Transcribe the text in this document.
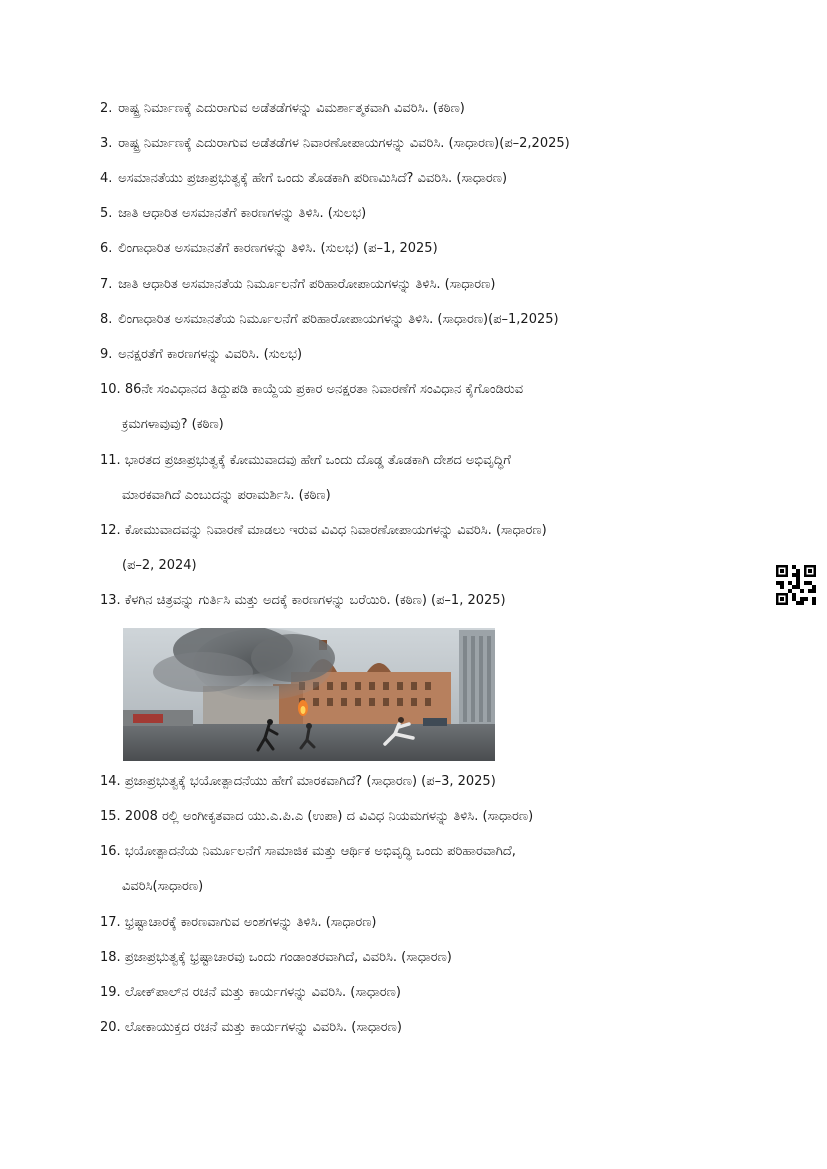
2. ರಾಷ್ಟ್ರ ನಿರ್ಮಾಣಕ್ಕೆ ಎದುರಾಗುವ ಅಡೆತಡೆಗಳನ್ನು ವಿಮರ್ಶಾತ್ಮಕವಾಗಿ ವಿವರಿಸಿ. (ಕಠಿಣ)
3. ರಾಷ್ಟ್ರ ನಿರ್ಮಾಣಕ್ಕೆ ಎದುರಾಗುವ ಅಡೆತಡೆಗಳ ನಿವಾರಣೋಪಾಯಗಳನ್ನು ವಿವರಿಸಿ. (ಸಾಧಾರಣ)(ಪ–2,2025)
4. ಅಸಮಾನತೆಯು ಪ್ರಜಾಪ್ರಭುತ್ವಕ್ಕೆ ಹೇಗೆ ಒಂದು ತೊಡಕಾಗಿ ಪರಿಣಮಿಸಿದೆ? ವಿವರಿಸಿ. (ಸಾಧಾರಣ)
5. ಜಾತಿ ಆಧಾರಿತ ಅಸಮಾನತೆಗೆ ಕಾರಣಗಳನ್ನು ತಿಳಿಸಿ. (ಸುಲಭ)
6. ಲಿಂಗಾಧಾರಿತ ಅಸಮಾನತೆಗೆ ಕಾರಣಗಳನ್ನು ತಿಳಿಸಿ. (ಸುಲಭ) (ಪ–1, 2025)
7. ಜಾತಿ ಆಧಾರಿತ ಅಸಮಾನತೆಯ ನಿರ್ಮೂಲನೆಗೆ ಪರಿಹಾರೋಪಾಯಗಳನ್ನು ತಿಳಿಸಿ. (ಸಾಧಾರಣ)
8. ಲಿಂಗಾಧಾರಿತ ಅಸಮಾನತೆಯ ನಿರ್ಮೂಲನೆಗೆ ಪರಿಹಾರೋಪಾಯಗಳನ್ನು ತಿಳಿಸಿ. (ಸಾಧಾರಣ)(ಪ–1,2025)
9. ಅನಕ್ಷರತೆಗೆ ಕಾರಣಗಳನ್ನು ವಿವರಿಸಿ. (ಸುಲಭ)
10. 86ನೇ ಸಂವಿಧಾನದ ತಿದ್ದುಪಡಿ ಕಾಯ್ದೆಯ ಪ್ರಕಾರ ಅನಕ್ಷರತಾ ನಿವಾರಣೆಗೆ ಸಂವಿಧಾನ ಕೈಗೊಂಡಿರುವ
ಕ್ರಮಗಳಾವುವು? (ಕಠಿಣ)
11. ಭಾರತದ ಪ್ರಜಾಪ್ರಭುತ್ವಕ್ಕೆ ಕೋಮುವಾದವು ಹೇಗೆ ಒಂದು ದೊಡ್ಡ ತೊಡಕಾಗಿ ದೇಶದ ಅಭಿವೃದ್ಧಿಗೆ
ಮಾರಕವಾಗಿದೆ ಎಂಬುದನ್ನು ಪರಾಮರ್ಶಿಸಿ. (ಕಠಿಣ)
12. ಕೋಮುವಾದವನ್ನು ನಿವಾರಣೆ ಮಾಡಲು ಇರುವ ವಿವಿಧ ನಿವಾರಣೋಪಾಯಗಳನ್ನು ವಿವರಿಸಿ. (ಸಾಧಾರಣ)
(ಪ–2, 2024)
13. ಕೆಳಗಿನ ಚಿತ್ರವನ್ನು ಗುರ್ತಿಸಿ ಮತ್ತು ಅದಕ್ಕೆ ಕಾರಣಗಳನ್ನು ಬರೆಯಿರಿ. (ಕಠಿಣ) (ಪ–1, 2025)
14. ಪ್ರಜಾಪ್ರಭುತ್ವಕ್ಕೆ ಭಯೋತ್ಪಾದನೆಯು ಹೇಗೆ ಮಾರಕವಾಗಿದೆ? (ಸಾಧಾರಣ) (ಪ–3, 2025)
15. 2008 ರಲ್ಲಿ ಅಂಗೀಕೃತವಾದ ಯು.ಎ.ಪಿ.ಎ (ಉಪಾ) ದ ವಿವಿಧ ನಿಯಮಗಳನ್ನು ತಿಳಿಸಿ. (ಸಾಧಾರಣ)
16. ಭಯೋತ್ಪಾದನೆಯ ನಿರ್ಮೂಲನೆಗೆ ಸಾಮಾಜಿಕ ಮತ್ತು ಆರ್ಥಿಕ ಅಭಿವೃದ್ಧಿ ಒಂದು ಪರಿಹಾರವಾಗಿದೆ,
ವಿವರಿಸಿ(ಸಾಧಾರಣ)
17. ಭ್ರಷ್ಟಾಚಾರಕ್ಕೆ ಕಾರಣವಾಗುವ ಅಂಶಗಳನ್ನು ತಿಳಿಸಿ. (ಸಾಧಾರಣ)
18. ಪ್ರಜಾಪ್ರಭುತ್ವಕ್ಕೆ ಭ್ರಷ್ಟಾಚಾರವು ಒಂದು ಗಂಡಾಂತರವಾಗಿದೆ, ವಿವರಿಸಿ. (ಸಾಧಾರಣ)
19. ಲೋಕ್‌ಪಾಲ್‌ನ ರಚನೆ ಮತ್ತು ಕಾರ್ಯಗಳನ್ನು ವಿವರಿಸಿ. (ಸಾಧಾರಣ)
20. ಲೋಕಾಯುಕ್ತದ ರಚನೆ ಮತ್ತು ಕಾರ್ಯಗಳನ್ನು ವಿವರಿಸಿ. (ಸಾಧಾರಣ)
